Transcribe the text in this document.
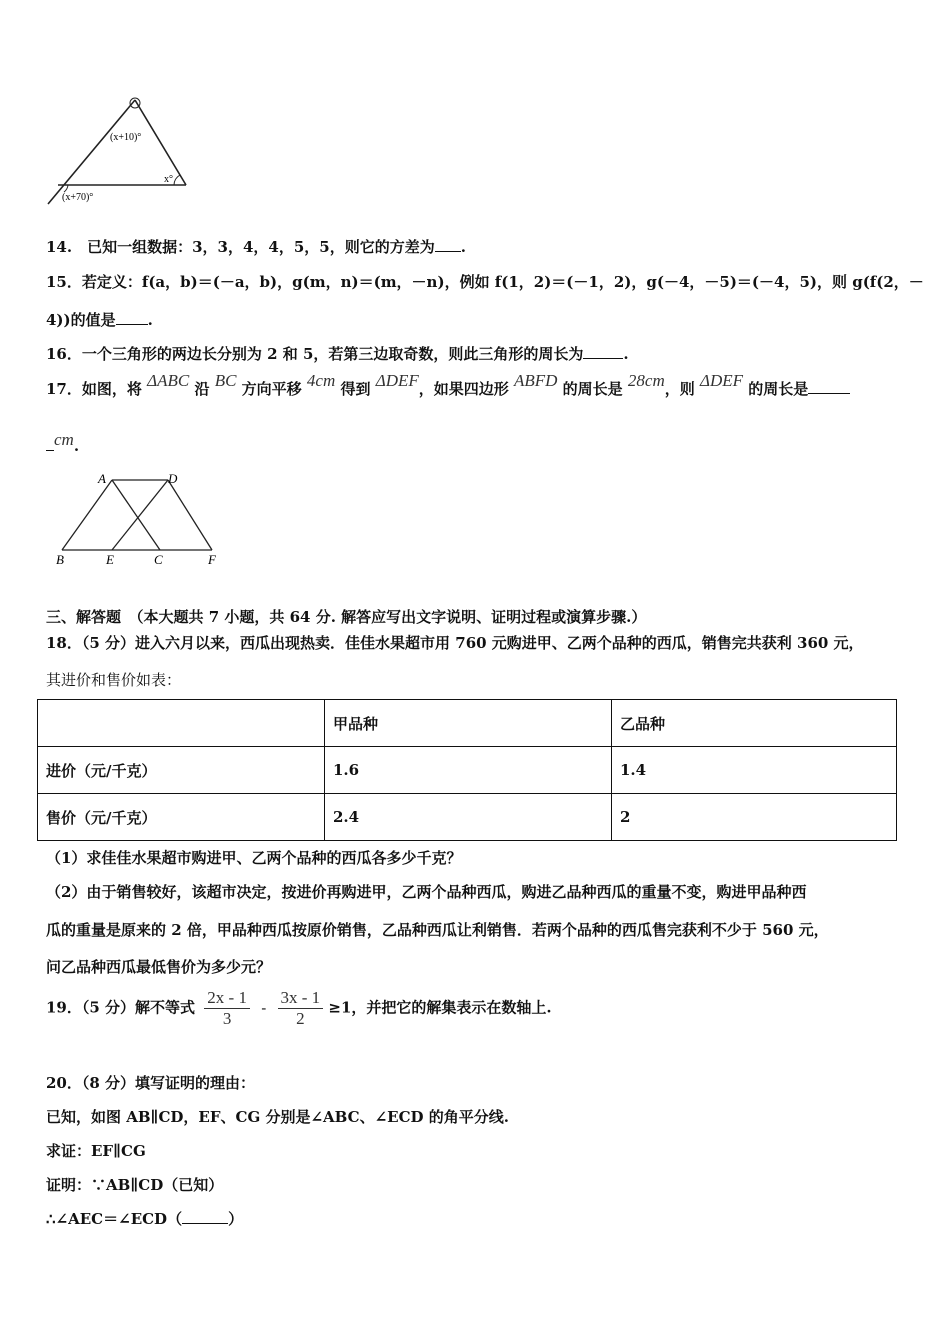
(x+10)°
x°
(x+70)°
14.　已知一组数据：3，3，4，4，5，5，则它的方差为 .
15．若定义：f(a，b)＝(－a，b)，g(m，n)＝(m，－n)，例如 f(1，2)＝(－1，2)，g(－4，－5)＝(－4，5)，则 g(f(2，－
4))的值是 .
16．一个三角形的两边长分别为 2 和 5，若第三边取奇数，则此三角形的周长为	.
17．如图，将 ΔABC 沿 BC 方向平移 4cm 得到 ΔDEF，如果四边形 ABFD 的周长是 28cm，则 ΔDEF 的周长是
cm.
A	D
B	E	C	F
三、解答题　（本大题共 7 小题，共 64 分. 解答应写出文字说明、证明过程或演算步骤.）
18．（5 分）进入六月以来，西瓜出现热卖．佳佳水果超市用 760 元购进甲、乙两个品种的西瓜，销售完共获利 360 元，
其进价和售价如表：
	甲品种	乙品种
进价（元/千克）	1.6	1.4
售价（元/千克）	2.4	2
（1）求佳佳水果超市购进甲、乙两个品种的西瓜各多少千克？
（2）由于销售较好，该超市决定，按进价再购进甲，乙两个品种西瓜，购进乙品种西瓜的重量不变，购进甲品种西
瓜的重量是原来的 2 倍，甲品种西瓜按原价销售，乙品种西瓜让利销售．若两个品种的西瓜售完获利不少于 560 元，
问乙品种西瓜最低售价为多少元？
19．（5 分）解不等式 $\frac{2x - 1}{3} - \frac{3x - 1}{2} \ge 1$，并把它的解集表示在数轴上.
20．（8 分）填写证明的理由：
已知，如图 AB∥CD，EF、CG 分别是∠ABC、∠ECD 的角平分线.
求证：EF∥CG
证明：∵AB∥CD（已知）
∴∠AEC＝∠ECD（	）
